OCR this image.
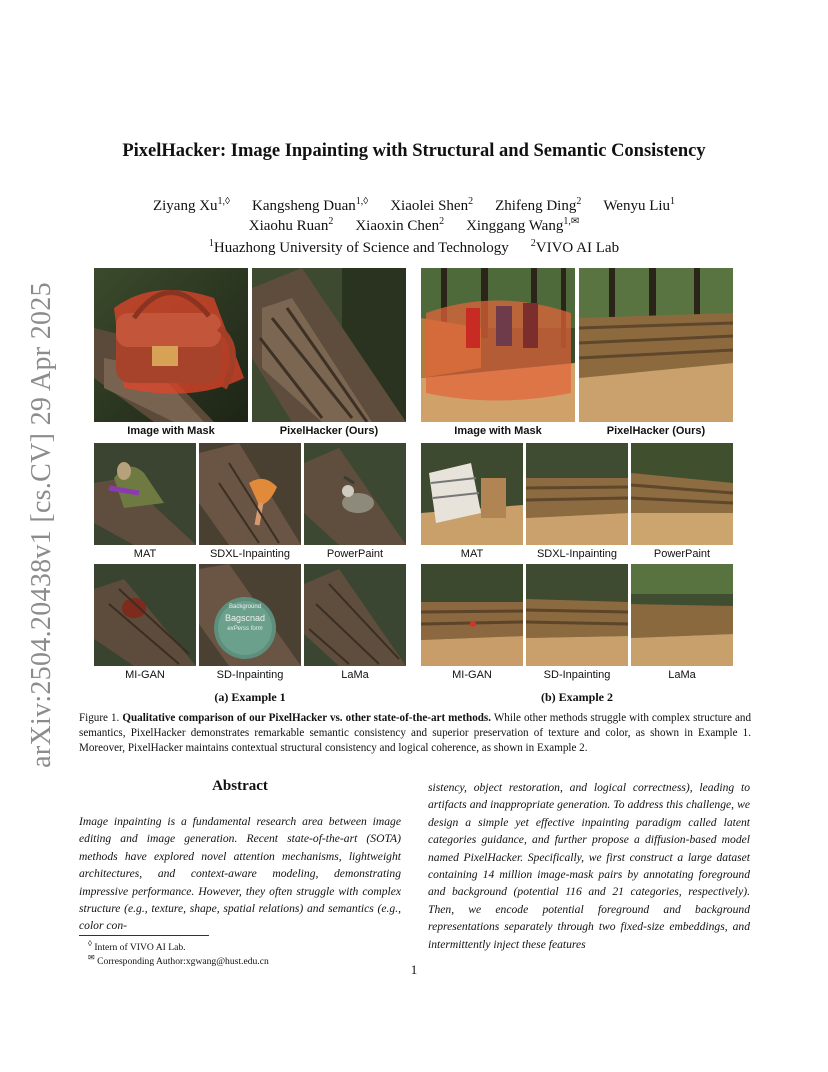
arXiv:2504.20438v1 [cs.CV] 29 Apr 2025
PixelHacker: Image Inpainting with Structural and Semantic Consistency
Ziyang $Xu^{1,◊}$ Kangsheng Duan$^{1,◊}$ Xiaolei Shen$^2$ Zhifeng Ding$^2$ Wenyu Liu$^1$
Xiaohu Ruan$^2$ Xiaoxin Chen$^2$ Xinggang Wang$^{1,✉}$
$^1$Huazhong University of Science and Technology $^2$VIVO AI Lab
Image with Mask	PixelHacker (Ours)
MAT	SDXL-Inpainting	PowerPaint
Background
Bagscnad
exPerss form
MI-GAN	SD-Inpainting	LaMa
(a) Example 1
Image with Mask	PixelHacker (Ours)
MAT	SDXL-Inpainting	PowerPaint
MI-GAN	SD-Inpainting	LaMa
(b) Example 2
Figure 1. Qualitative comparison of our PixelHacker vs. other state-of-the-art methods. While other methods struggle with complex structure and semantics, PixelHacker demonstrates remarkable semantic consistency and superior preservation of texture and color, as shown in Example 1. Moreover, PixelHacker maintains contextual structural consistency and logical coherence, as shown in Example 2.
Abstract
Image inpainting is a fundamental research area between image editing and image generation. Recent state-of-the-art (SOTA) methods have explored novel attention mechanisms, lightweight architectures, and context-aware modeling, demonstrating impressive performance. However, they often struggle with complex structure (e.g., texture, shape, spatial relations) and semantics (e.g., color con-
sistency, object restoration, and logical correctness), leading to artifacts and inappropriate generation. To address this challenge, we design a simple yet effective inpainting paradigm called latent categories guidance, and further propose a diffusion-based model named PixelHacker. Specifically, we first construct a large dataset containing 14 million image-mask pairs by annotating foreground and background (potential 116 and 21 categories, respectively). Then, we encode potential foreground and background representations separately through two fixed-size embeddings, and intermittently inject these features
◊ Intern of VIVO AI Lab.
✉ Corresponding Author:xgwang@hust.edu.cn
1
